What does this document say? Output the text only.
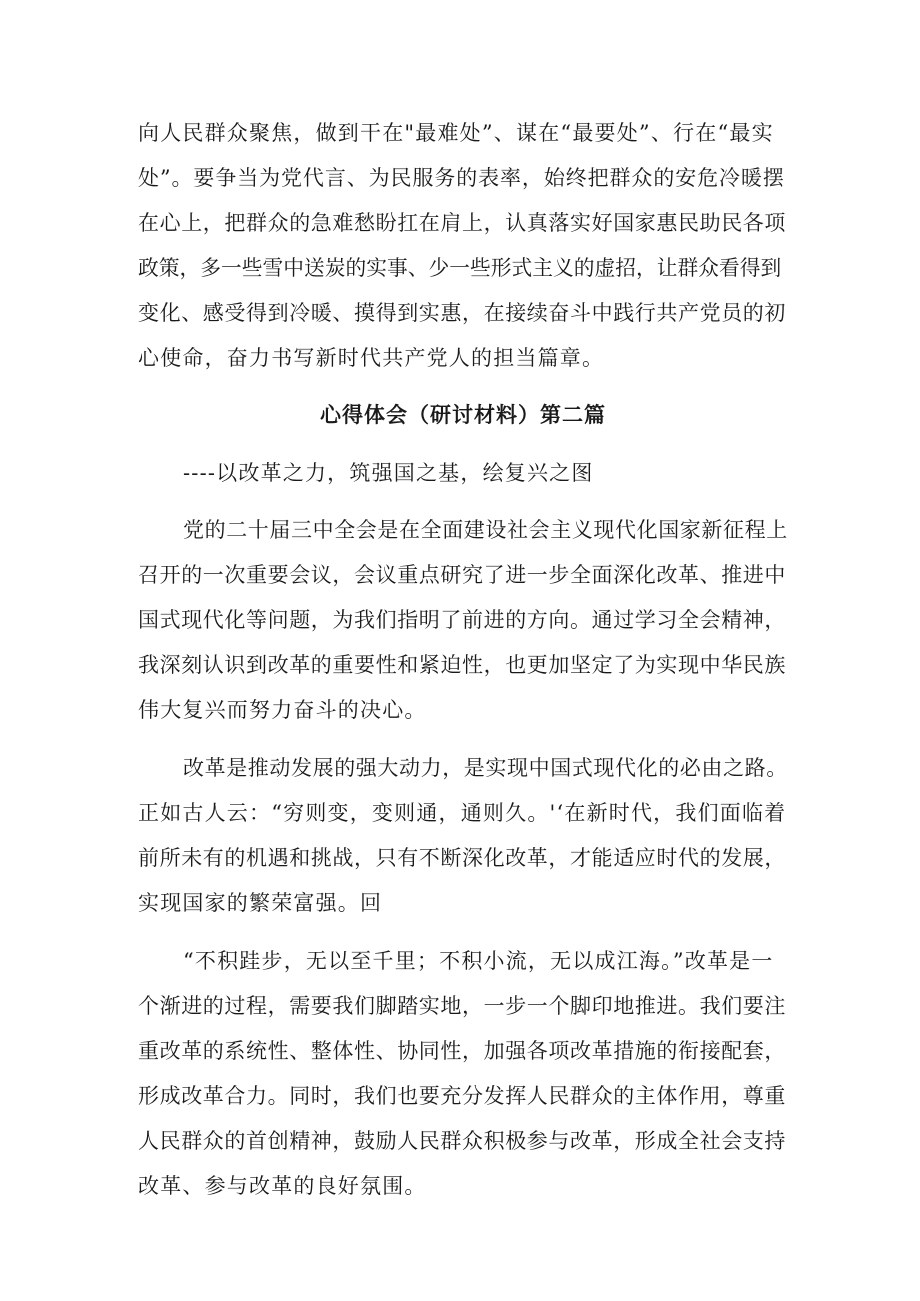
向人民群众聚焦，做到干在"最难处”、谋在“最要处”、行在“最实
处”。要争当为党代言、为民服务的表率，始终把群众的安危冷暖摆
在心上，把群众的急难愁盼扛在肩上，认真落实好国家惠民助民各项
政策，多一些雪中送炭的实事、少一些形式主义的虚招，让群众看得到
变化、感受得到冷暖、摸得到实惠，在接续奋斗中践行共产党员的初
心使命，奋力书写新时代共产党人的担当篇章。

心得体会（研讨材料）第二篇

----以改革之力，筑强国之基，绘复兴之图

党的二十届三中全会是在全面建设社会主义现代化国家新征程上
召开的一次重要会议，会议重点研究了进一步全面深化改革、推进中
国式现代化等问题，为我们指明了前进的方向。通过学习全会精神，
我深刻认识到改革的重要性和紧迫性，也更加坚定了为实现中华民族
伟大复兴而努力奋斗的决心。

改革是推动发展的强大动力，是实现中国式现代化的必由之路。
正如古人云：“穷则变，变则通，通则久。'‘在新时代，我们面临着
前所未有的机遇和挑战，只有不断深化改革，才能适应时代的发展，
实现国家的繁荣富强。回

“不积跬步，无以至千里；不积小流，无以成江海。”改革是一
个渐进的过程，需要我们脚踏实地，一步一个脚印地推进。我们要注
重改革的系统性、整体性、协同性，加强各项改革措施的衔接配套，
形成改革合力。同时，我们也要充分发挥人民群众的主体作用，尊重
人民群众的首创精神，鼓励人民群众积极参与改革，形成全社会支持
改革、参与改革的良好氛围。
